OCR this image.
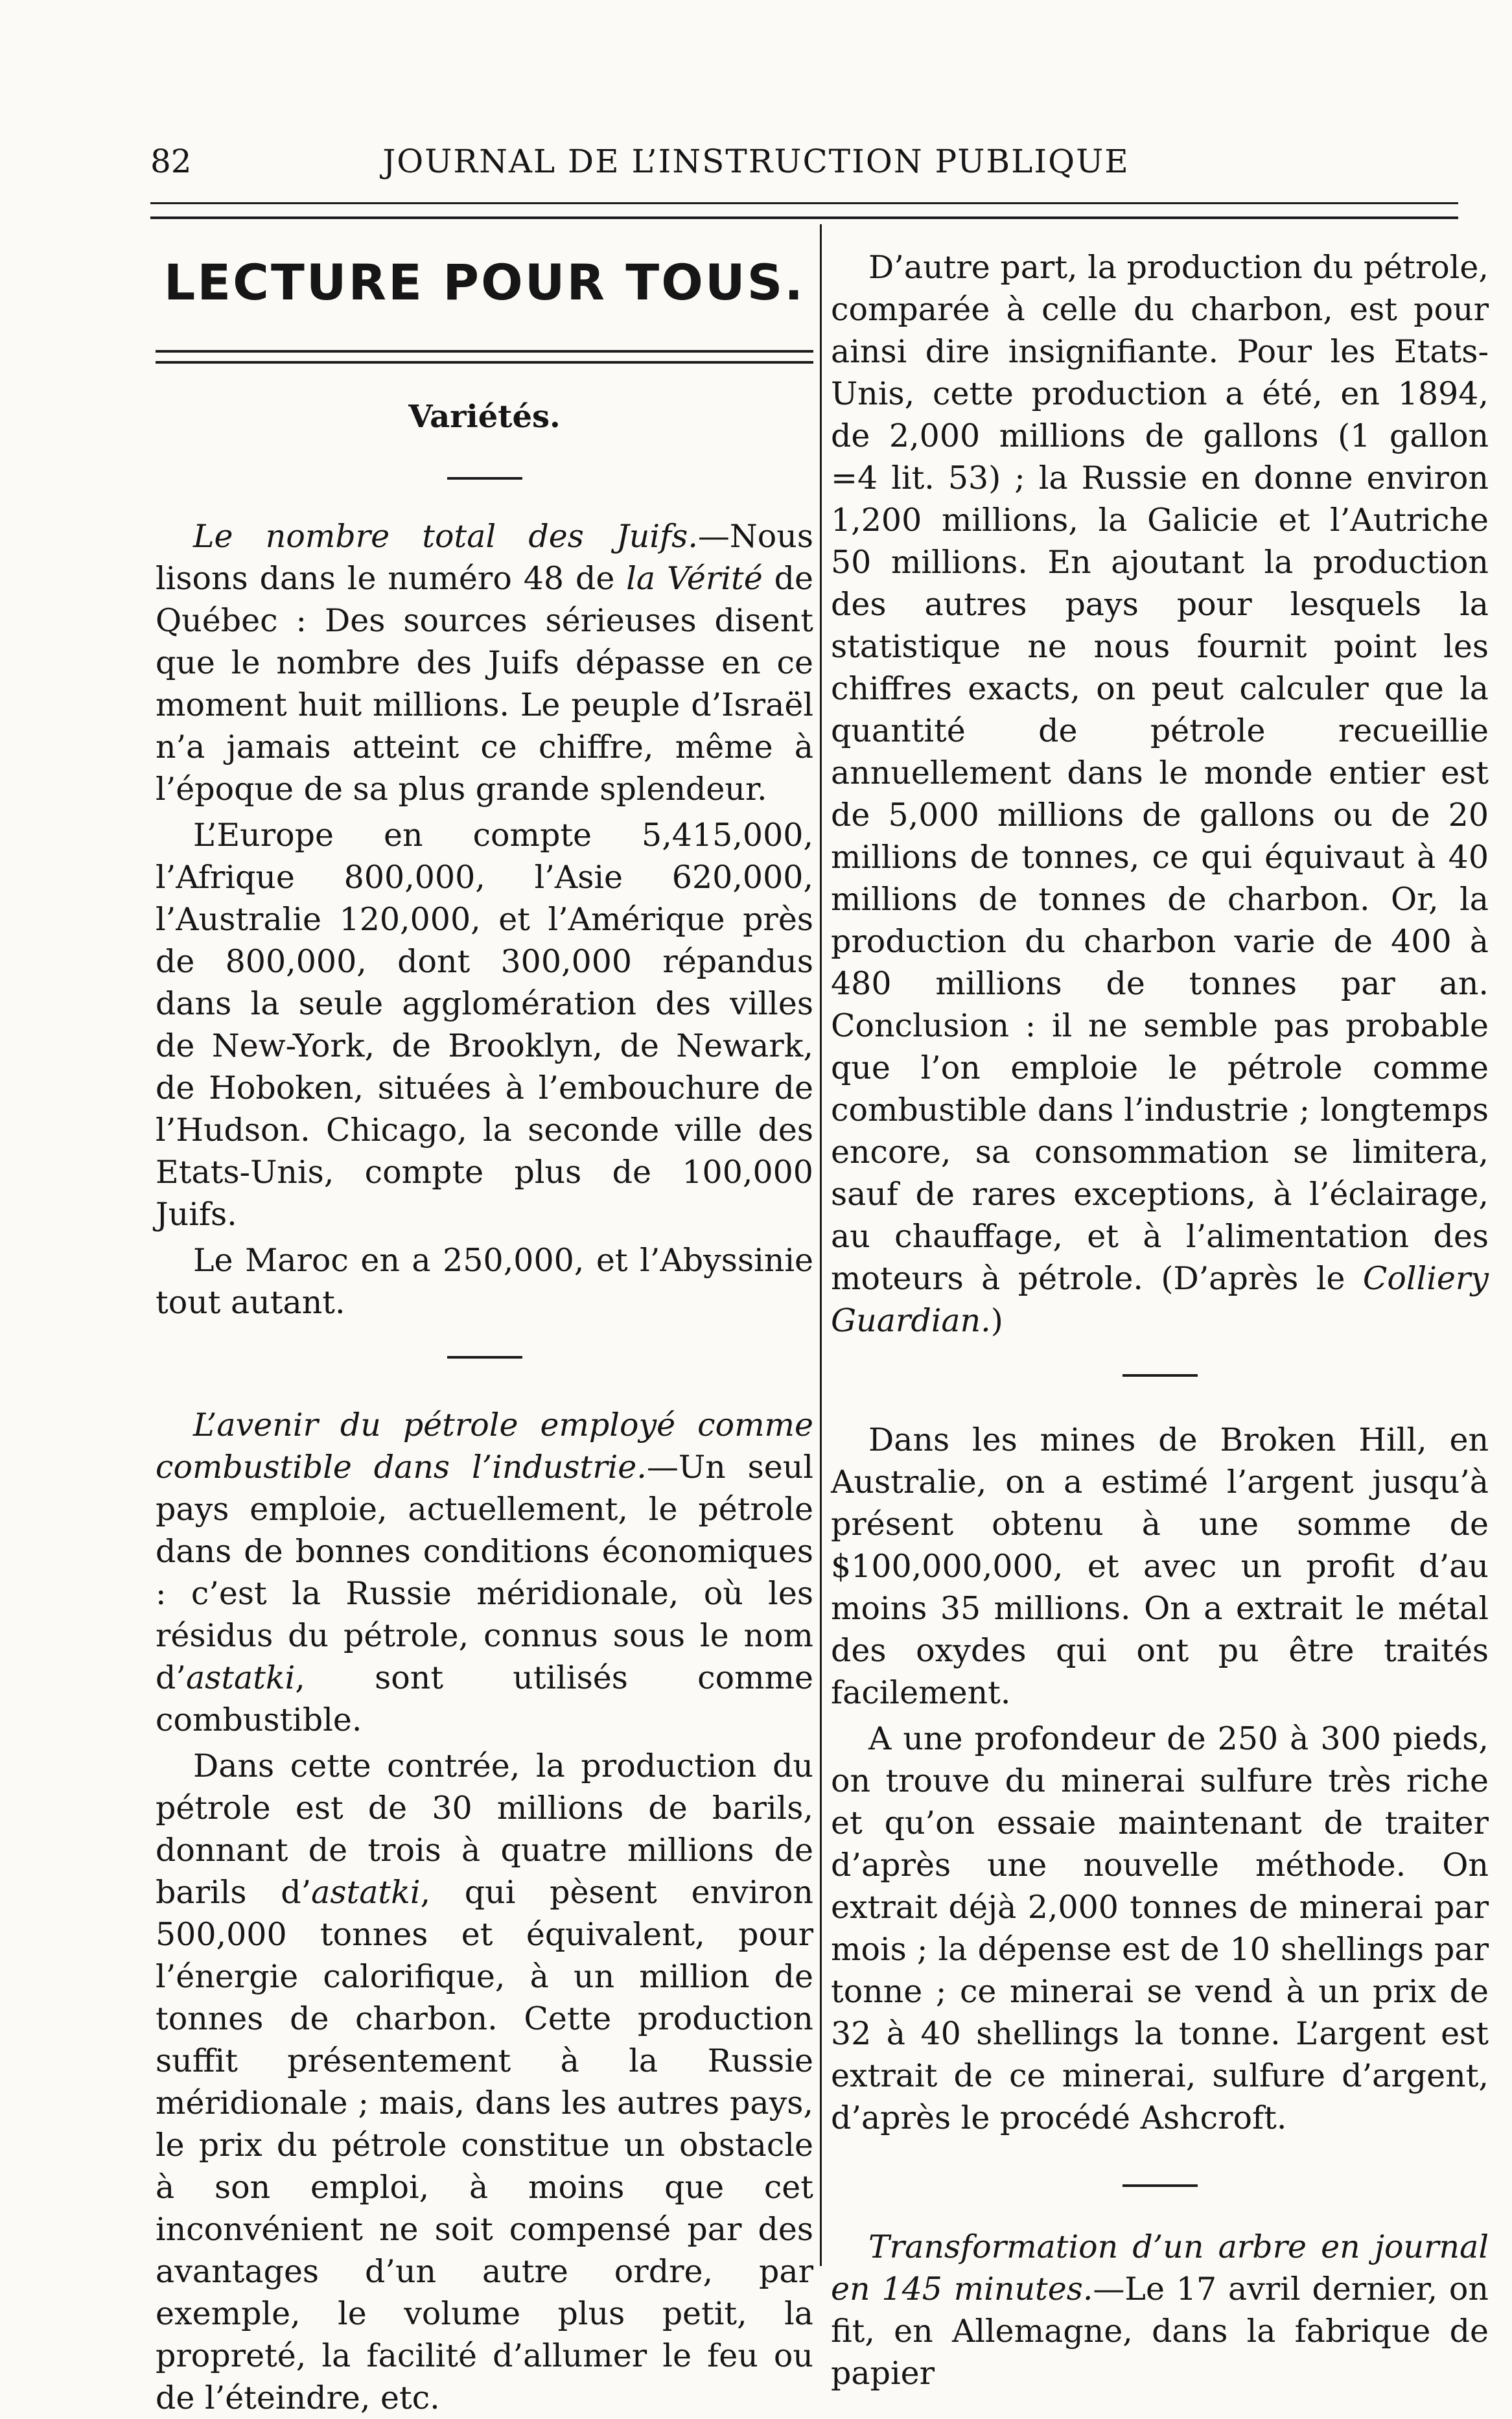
82	JOURNAL DE L’INSTRUCTION PUBLIQUE
LECTURE POUR TOUS.

Variétés.

Le nombre total des Juifs.—Nous lisons dans le numéro 48 de la Vérité de Québec : Des sources sérieuses disent que le nombre des Juifs dépasse en ce moment huit millions. Le peuple d’Israël n’a jamais atteint ce chiffre, même à l’époque de sa plus grande splendeur.

L’Europe en compte 5,415,000, l’Afrique 800,000, l’Asie 620,000, l’Australie 120,000, et l’Amérique près de 800,000, dont 300,000 répandus dans la seule agglomération des villes de New-York, de Brooklyn, de Newark, de Hoboken, situées à l’embouchure de l’Hudson. Chicago, la seconde ville des Etats-Unis, compte plus de 100,000 Juifs.

Le Maroc en a 250,000, et l’Abyssinie tout autant.

L’avenir du pétrole employé comme combustible dans l’industrie.—Un seul pays emploie, actuellement, le pétrole dans de bonnes conditions économiques : c’est la Russie méridionale, où les résidus du pétrole, connus sous le nom d’astatki, sont utilisés comme combustible.

Dans cette contrée, la production du pétrole est de 30 millions de barils, donnant de trois à quatre millions de barils d’astatki, qui pèsent environ 500,000 tonnes et équivalent, pour l’énergie calorifique, à un million de tonnes de charbon. Cette production suffit présentement à la Russie méridionale ; mais, dans les autres pays, le prix du pétrole constitue un obstacle à son emploi, à moins que cet inconvénient ne soit compensé par des avantages d’un autre ordre, par exemple, le volume plus petit, la propreté, la facilité d’allumer le feu ou de l’éteindre, etc.

D’autre part, la production du pétrole, comparée à celle du charbon, est pour ainsi dire insignifiante. Pour les Etats-Unis, cette production a été, en 1894, de 2,000 millions de gallons (1 gallon =4 lit. 53) ; la Russie en donne environ 1,200 millions, la Galicie et l’Autriche 50 millions. En ajoutant la production des autres pays pour lesquels la statistique ne nous fournit point les chiffres exacts, on peut calculer que la quantité de pétrole recueillie annuellement dans le monde entier est de 5,000 millions de gallons ou de 20 millions de tonnes, ce qui équivaut à 40 millions de tonnes de charbon. Or, la production du charbon varie de 400 à 480 millions de tonnes par an. Conclusion : il ne semble pas probable que l’on emploie le pétrole comme combustible dans l’industrie ; longtemps encore, sa consommation se limitera, sauf de rares exceptions, à l’éclairage, au chauffage, et à l’alimentation des moteurs à pétrole. (D’après le Colliery Guardian.)

Dans les mines de Broken Hill, en Australie, on a estimé l’argent jusqu’à présent obtenu à une somme de $100,000,000, et avec un profit d’au moins 35 millions. On a extrait le métal des oxydes qui ont pu être traités facilement.

A une profondeur de 250 à 300 pieds, on trouve du minerai sulfure très riche et qu’on essaie maintenant de traiter d’après une nouvelle méthode. On extrait déjà 2,000 tonnes de minerai par mois ; la dépense est de 10 shellings par tonne ; ce minerai se vend à un prix de 32 à 40 shellings la tonne. L’argent est extrait de ce minerai, sulfure d’argent, d’après le procédé Ashcroft.

Transformation d’un arbre en journal en 145 minutes.—Le 17 avril dernier, on fit, en Allemagne, dans la fabrique de papier
